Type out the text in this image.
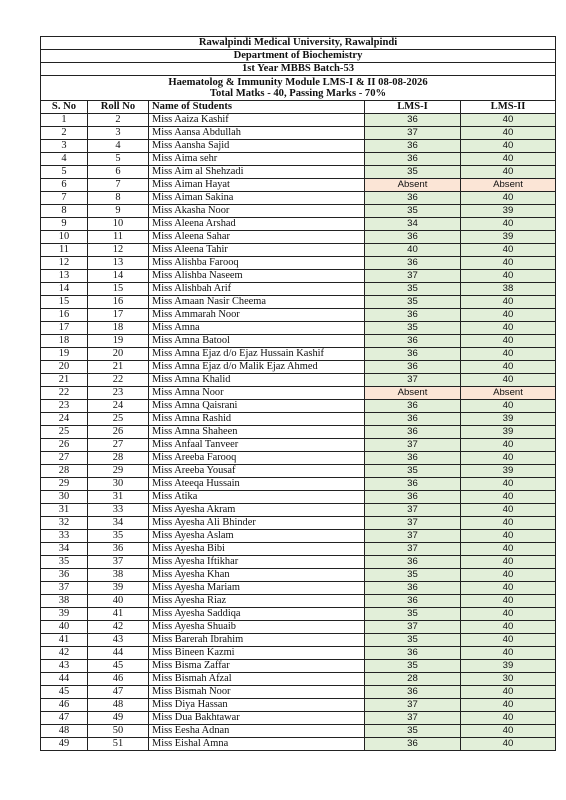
Rawalpindi Medical University, Rawalpindi				
Department of Biochemistry				
1st Year MBBS Batch-53				

Haematolog & Immunity Module LMS-I & II 08-08-2026
Total Matks - 40, Passing Marks - 70%				

S. No	Roll No	Name of Students	LMS-I	LMS-II
1	2	Miss Aaiza Kashif	36	40
2	3	Miss Aansa Abdullah	37	40
3	4	Miss Aansha Sajid	36	40
4	5	Miss Aima sehr	36	40
5	6	Miss Aim al Shehzadi	35	40
6	7	Miss Aiman Hayat	Absent	Absent
7	8	Miss Aiman Sakina	36	40
8	9	Miss Akasha Noor	35	39
9	10	Miss Aleena Arshad	34	40
10	11	Miss Aleena Sahar	36	39
11	12	Miss Aleena Tahir	40	40
12	13	Miss Alishba Farooq	36	40
13	14	Miss Alishba Naseem	37	40
14	15	Miss Alishbah Arif	35	38
15	16	Miss Amaan Nasir Cheema	35	40
16	17	Miss Ammarah Noor	36	40
17	18	Miss Amna	35	40
18	19	Miss Amna Batool	36	40
19	20	Miss Amna Ejaz d/o Ejaz Hussain Kashif	36	40
20	21	Miss Amna Ejaz d/o Malik Ejaz Ahmed	36	40
21	22	Miss Amna Khalid	37	40
22	23	Miss Amna Noor	Absent	Absent
23	24	Miss Amna Qaisrani	36	40
24	25	Miss Amna Rashid	36	39
25	26	Miss Amna Shaheen	36	39
26	27	Miss Anfaal Tanveer	37	40
27	28	Miss Areeba Farooq	36	40
28	29	Miss Areeba Yousaf	35	39
29	30	Miss Ateeqa Hussain	36	40
30	31	Miss Atika	36	40
31	33	Miss Ayesha Akram	37	40
32	34	Miss Ayesha Ali Bhinder	37	40
33	35	Miss Ayesha Aslam	37	40
34	36	Miss Ayesha Bibi	37	40
35	37	Miss Ayesha Iftikhar	36	40
36	38	Miss Ayesha Khan	35	40
37	39	Miss Ayesha Mariam	36	40
38	40	Miss Ayesha Riaz	36	40
39	41	Miss Ayesha Saddiqa	35	40
40	42	Miss Ayesha Shuaib	37	40
41	43	Miss Barerah Ibrahim	35	40
42	44	Miss Bineen Kazmi	36	40
43	45	Miss Bisma Zaffar	35	39
44	46	Miss Bismah Afzal	28	30
45	47	Miss Bismah Noor	36	40
46	48	Miss Diya Hassan	37	40
47	49	Miss Dua Bakhtawar	37	40
48	50	Miss Eesha Adnan	35	40
49	51	Miss Eishal Amna	36	40
